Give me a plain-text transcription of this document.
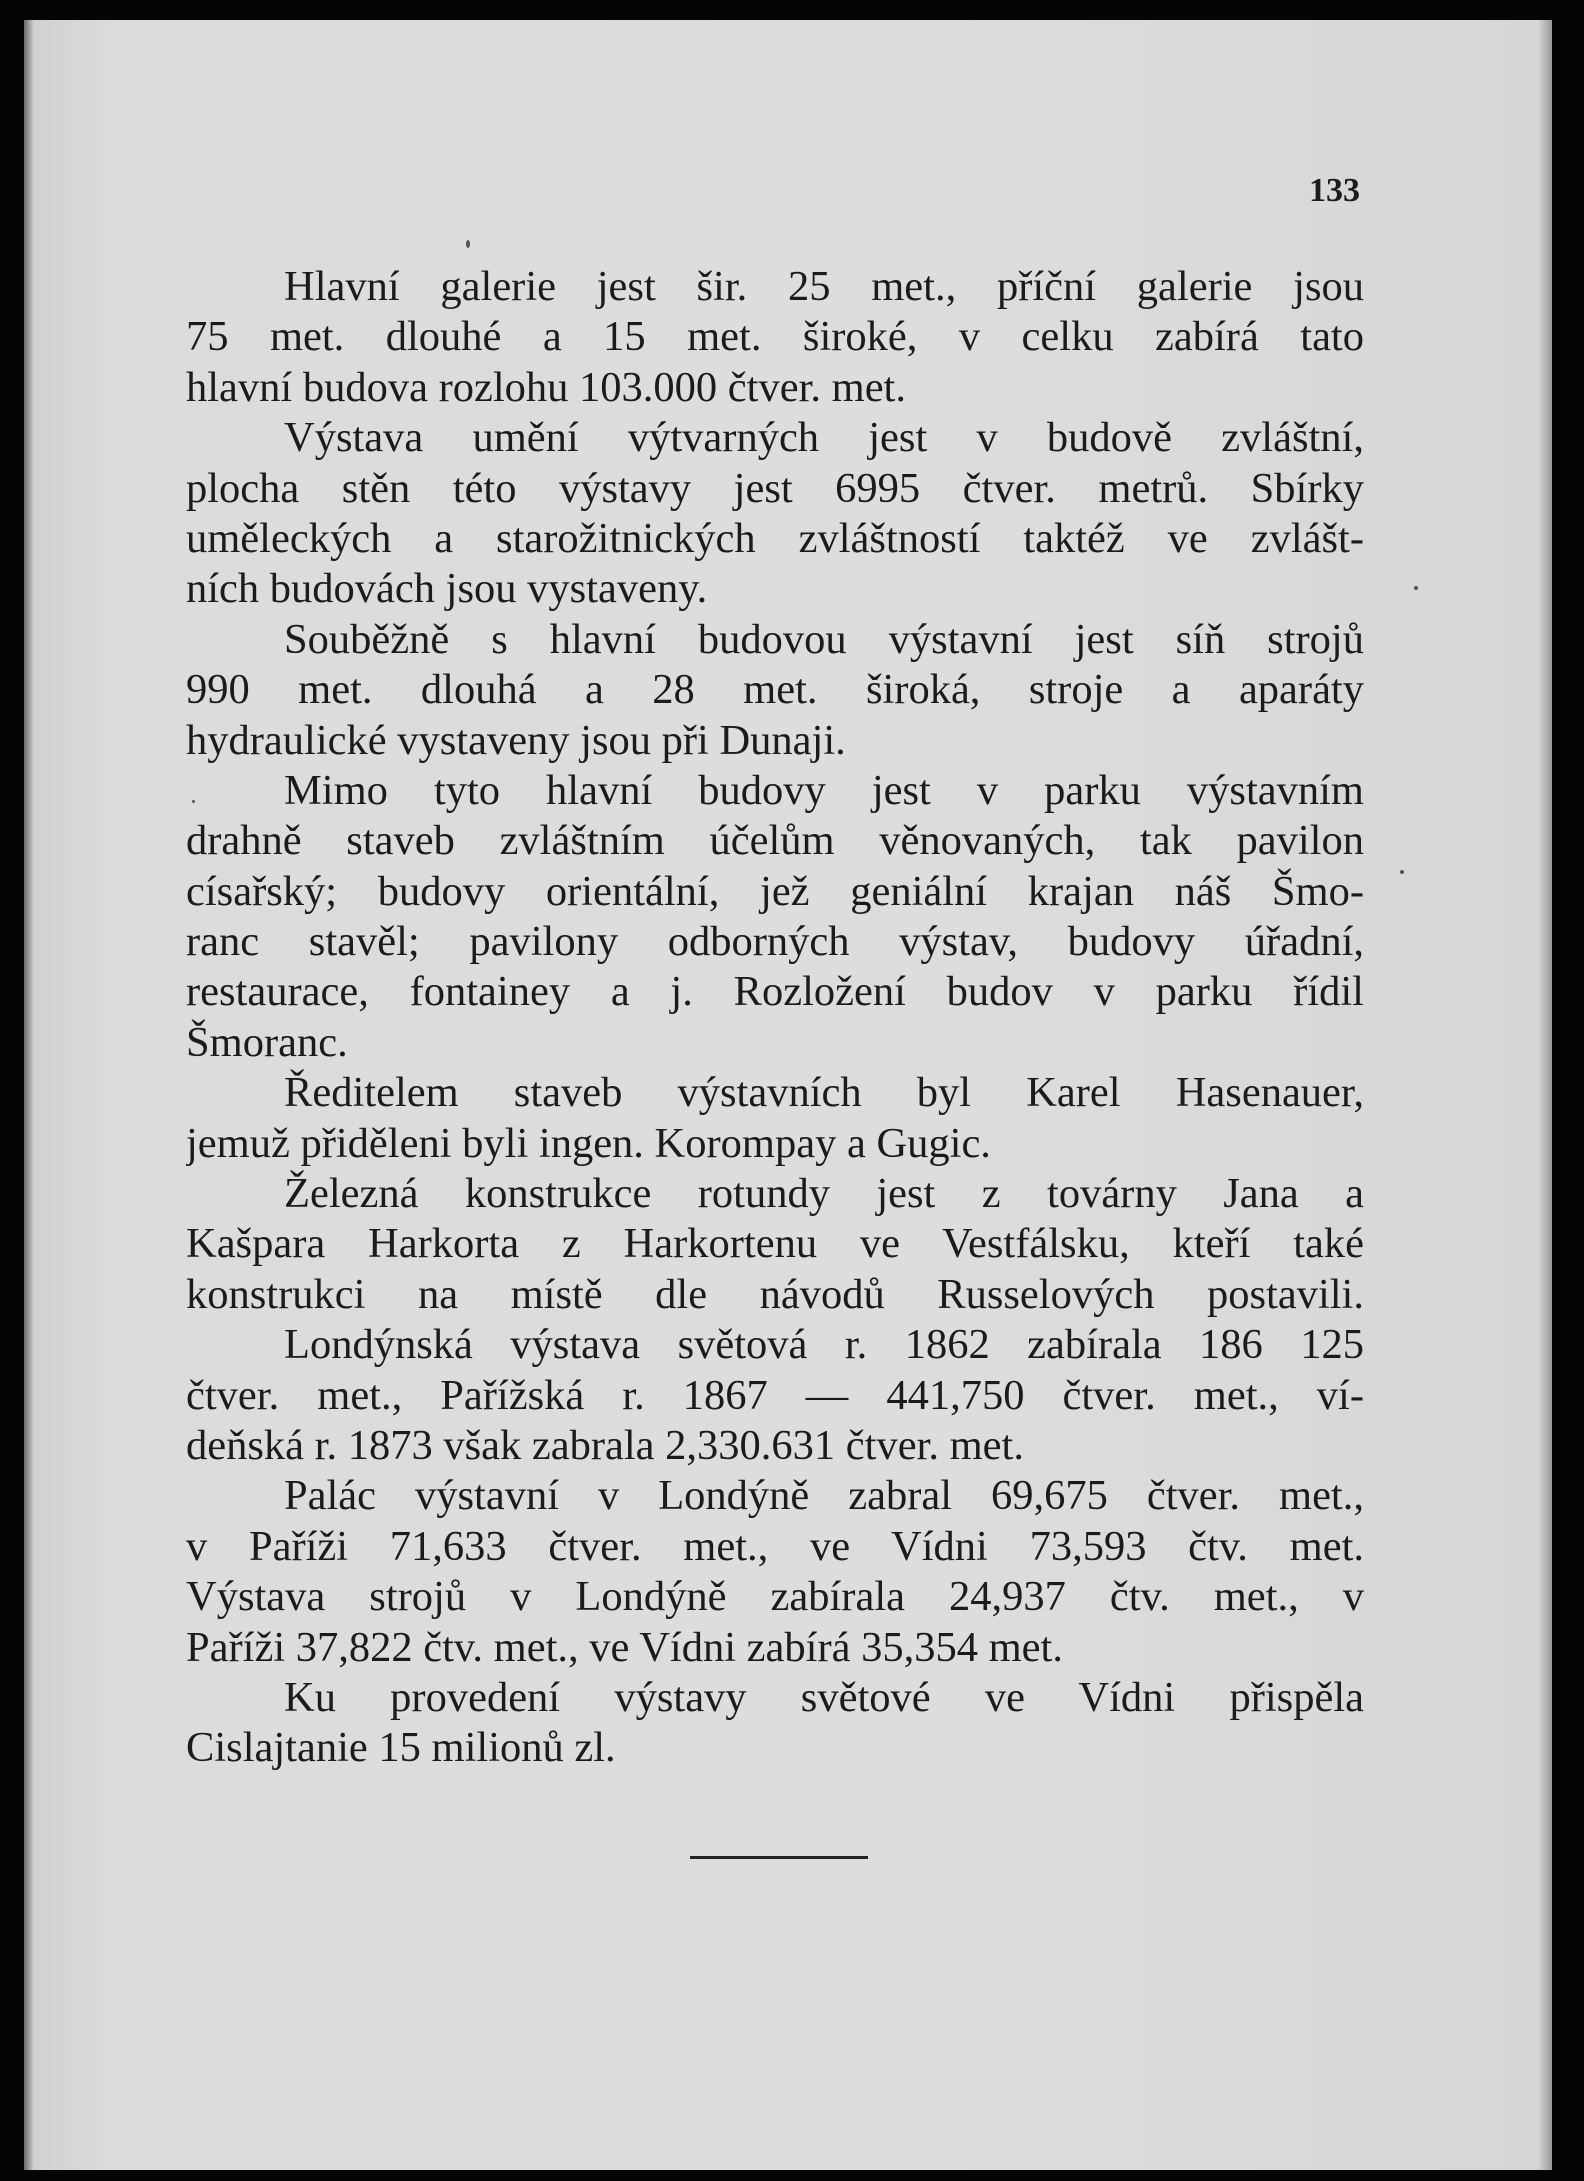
133
Hlavní galerie jest šir. 25 met., příční galerie jsou
75 met. dlouhé a 15 met. široké, v celku zabírá tato
hlavní budova rozlohu 103.000 čtver. met.
Výstava umění výtvarných jest v budově zvláštní,
plocha stěn této výstavy jest 6995 čtver. metrů. Sbírky
uměleckých a starožitnických zvláštností taktéž ve zvlášt-
ních budovách jsou vystaveny.
Souběžně s hlavní budovou výstavní jest síň strojů
990 met. dlouhá a 28 met. široká, stroje a aparáty
hydraulické vystaveny jsou při Dunaji.
Mimo tyto hlavní budovy jest v parku výstavním
drahně staveb zvláštním účelům věnovaných, tak pavilon
císařský; budovy orientální, jež geniální krajan náš Šmo-
ranc stavěl; pavilony odborných výstav, budovy úřadní,
restaurace, fontainey a j. Rozložení budov v parku řídil
Šmoranc.
Ředitelem staveb výstavních byl Karel Hasenauer,
jemuž přiděleni byli ingen. Korompay a Gugic.
Železná konstrukce rotundy jest z továrny Jana a
Kašpara Harkorta z Harkortenu ve Vestfálsku, kteří také
konstrukci na místě dle návodů Russelových postavili.
Londýnská výstava světová r. 1862 zabírala 186 125
čtver. met., Pařížská r. 1867 — 441,750 čtver. met., ví-
deňská r. 1873 však zabrala 2,330.631 čtver. met.
Palác výstavní v Londýně zabral 69,675 čtver. met.,
v Paříži 71,633 čtver. met., ve Vídni 73,593 čtv. met.
Výstava strojů v Londýně zabírala 24,937 čtv. met., v
Paříži 37,822 čtv. met., ve Vídni zabírá 35,354 met.
Ku provedení výstavy světové ve Vídni přispěla
Cislajtanie 15 milionů zl.
